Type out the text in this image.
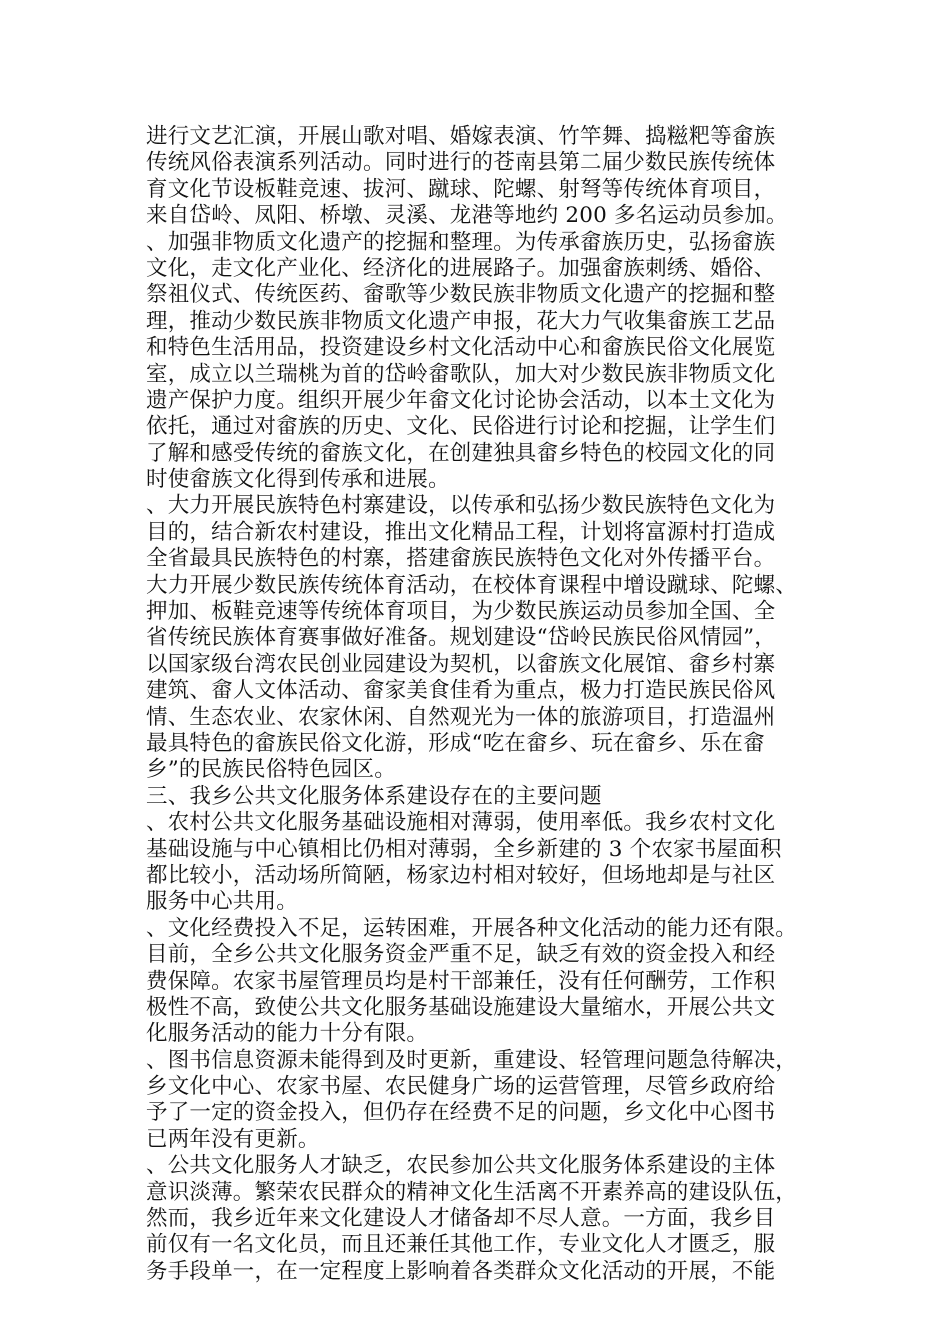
进行文艺汇演，开展山歌对唱、婚嫁表演、竹竿舞、捣糍粑等畲族
传统风俗表演系列活动。同时进行的苍南县第二届少数民族传统体
育文化节设板鞋竞速、拔河、蹴球、陀螺、射弩等传统体育项目，
来自岱岭、凤阳、桥墩、灵溪、龙港等地约 200 多名运动员参加。
、加强非物质文化遗产的挖掘和整理。为传承畲族历史，弘扬畲族
文化，走文化产业化、经济化的进展路子。加强畲族刺绣、婚俗、
祭祖仪式、传统医药、畲歌等少数民族非物质文化遗产的挖掘和整
理，推动少数民族非物质文化遗产申报，花大力气收集畲族工艺品
和特色生活用品，投资建设乡村文化活动中心和畲族民俗文化展览
室，成立以兰瑞桃为首的岱岭畲歌队，加大对少数民族非物质文化
遗产保护力度。组织开展少年畲文化讨论协会活动，以本土文化为
依托，通过对畲族的历史、文化、民俗进行讨论和挖掘，让学生们
了解和感受传统的畲族文化，在创建独具畲乡特色的校园文化的同
时使畲族文化得到传承和进展。
、大力开展民族特色村寨建设，以传承和弘扬少数民族特色文化为
目的，结合新农村建设，推出文化精品工程，计划将富源村打造成
全省最具民族特色的村寨，搭建畲族民族特色文化对外传播平台。
大力开展少数民族传统体育活动，在校体育课程中增设蹴球、陀螺、
押加、板鞋竞速等传统体育项目，为少数民族运动员参加全国、全
省传统民族体育赛事做好准备。规划建设“岱岭民族民俗风情园”，
以国家级台湾农民创业园建设为契机，以畲族文化展馆、畲乡村寨
建筑、畲人文体活动、畲家美食佳肴为重点，极力打造民族民俗风
情、生态农业、农家休闲、自然观光为一体的旅游项目，打造温州
最具特色的畲族民俗文化游，形成“吃在畲乡、玩在畲乡、乐在畲
乡”的民族民俗特色园区。
三、我乡公共文化服务体系建设存在的主要问题
、农村公共文化服务基础设施相对薄弱，使用率低。我乡农村文化
基础设施与中心镇相比仍相对薄弱，全乡新建的 3 个农家书屋面积
都比较小，活动场所简陋，杨家边村相对较好，但场地却是与社区
服务中心共用。
、文化经费投入不足，运转困难，开展各种文化活动的能力还有限。
目前，全乡公共文化服务资金严重不足，缺乏有效的资金投入和经
费保障。农家书屋管理员均是村干部兼任，没有任何酬劳，工作积
极性不高，致使公共文化服务基础设施建设大量缩水，开展公共文
化服务活动的能力十分有限。
、图书信息资源未能得到及时更新，重建设、轻管理问题急待解决，
乡文化中心、农家书屋、农民健身广场的运营管理，尽管乡政府给
予了一定的资金投入，但仍存在经费不足的问题，乡文化中心图书
已两年没有更新。
、公共文化服务人才缺乏，农民参加公共文化服务体系建设的主体
意识淡薄。繁荣农民群众的精神文化生活离不开素养高的建设队伍，
然而，我乡近年来文化建设人才储备却不尽人意。一方面，我乡目
前仅有一名文化员，而且还兼任其他工作，专业文化人才匮乏，服
务手段单一，在一定程度上影响着各类群众文化活动的开展，不能
